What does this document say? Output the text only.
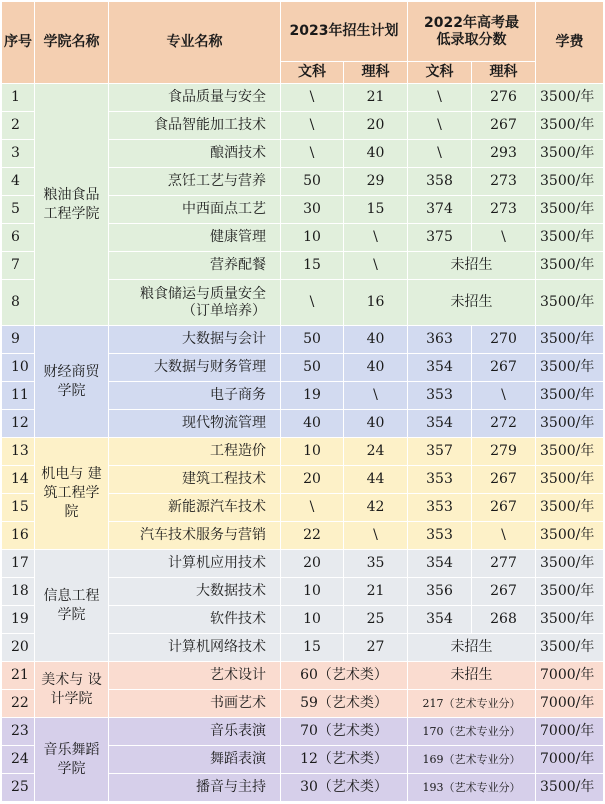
序号	学院名称	专业名称	2023年招生计划		2022年高考最低录取分数		学费
			文科	理科	文科	理科	
1	粮油食品工程学院	食品质量与安全	\	21	\	276	3500/年
2		食品智能加工技术	\	20	\	267	3500/年
3		酿酒技术	\	40	\	293	3500/年
4		烹饪工艺与营养	50	29	358	273	3500/年
5		中西面点工艺	30	15	374	273	3500/年
6		健康管理	10	\	375	\	3500/年
7		营养配餐	15	\	未招生		3500/年
8		粮食储运与质量安全（订单培养）	\	16	未招生		3500/年
9	财经商贸学院	大数据与会计	50	40	363	270	3500/年
10		大数据与财务管理	50	40	354	267	3500/年
11		电子商务	19	\	353	\	3500/年
12		现代物流管理	40	40	354	272	3500/年
13	机电与 建筑工程学院	工程造价	10	24	357	279	3500/年
14		建筑工程技术	20	44	353	267	3500/年
15		新能源汽车技术	\	42	353	267	3500/年
16		汽车技术服务与营销	22	\	353	\	3500/年
17	信息工程学院	计算机应用技术	20	35	354	277	3500/年
18		大数据技术	10	21	356	267	3500/年
19		软件技术	10	25	354	268	3500/年
20		计算机网络技术	15	27	未招生		3500/年
21	美术与 设计学院	艺术设计	60（艺术类）		未招生		7000/年
22		书画艺术	59（艺术类）		217（艺术专业分）		7000/年
23	音乐舞蹈学院	音乐表演	70（艺术类）		170（艺术专业分）		7000/年
24		舞蹈表演	12（艺术类）		169（艺术专业分）		7000/年
25		播音与主持	30（艺术类）		193（艺术专业分）		3500/年
